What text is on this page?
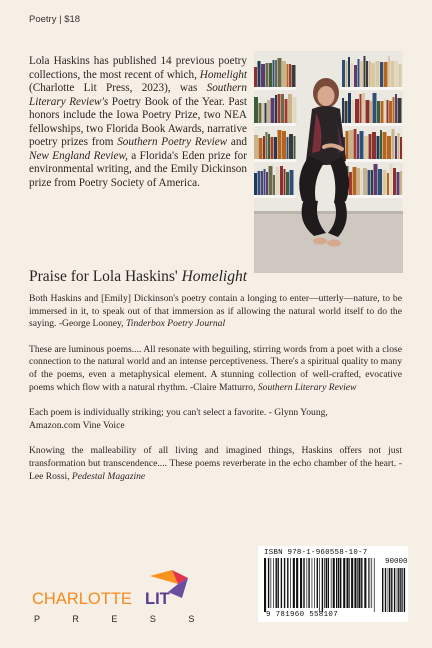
Poetry | $18

Lola Haskins has published 14 previous poetry collections, the most recent of which, Homelight (Charlotte Lit Press, 2023), was Southern Literary Review's Poetry Book of the Year. Past honors include the Iowa Poetry Prize, two NEA fellowships, two Florida Book Awards, narrative poetry prizes from Southern Poetry Review and New England Review, a Florida's Eden prize for environmental writing, and the Emily Dickinson prize from Poetry Society of America.

Praise for Lola Haskins' Homelight

Both Haskins and [Emily] Dickinson's poetry contain a longing to enter—utterly—nature, to be immersed in it, to speak out of that immersion as if allowing the natural world itself to do the saying. -George Looney, Tinderbox Poetry Journal

These are luminous poems.... All resonate with beguiling, stirring words from a poet with a close connection to the natural world and an intense perceptiveness. There's a spiritual quality to many of the poems, even a metaphysical element. A stunning collection of well-crafted, evocative poems which flow with a natural rhythm. -Claire Matturro, Southern Literary Review

Each poem is individually striking; you can't select a favorite. - Glynn Young, Amazon.com Vine Voice

Knowing the malleability of all living and imagined things, Haskins offers not just transformation but transcendence.... These poems reverberate in the echo chamber of the heart. -Lee Rossi, Pedestal Magazine

CHARLOTTE LIT
P R E S S
ISBN 978-1-960558-10-7
90000
9 781960 558107
